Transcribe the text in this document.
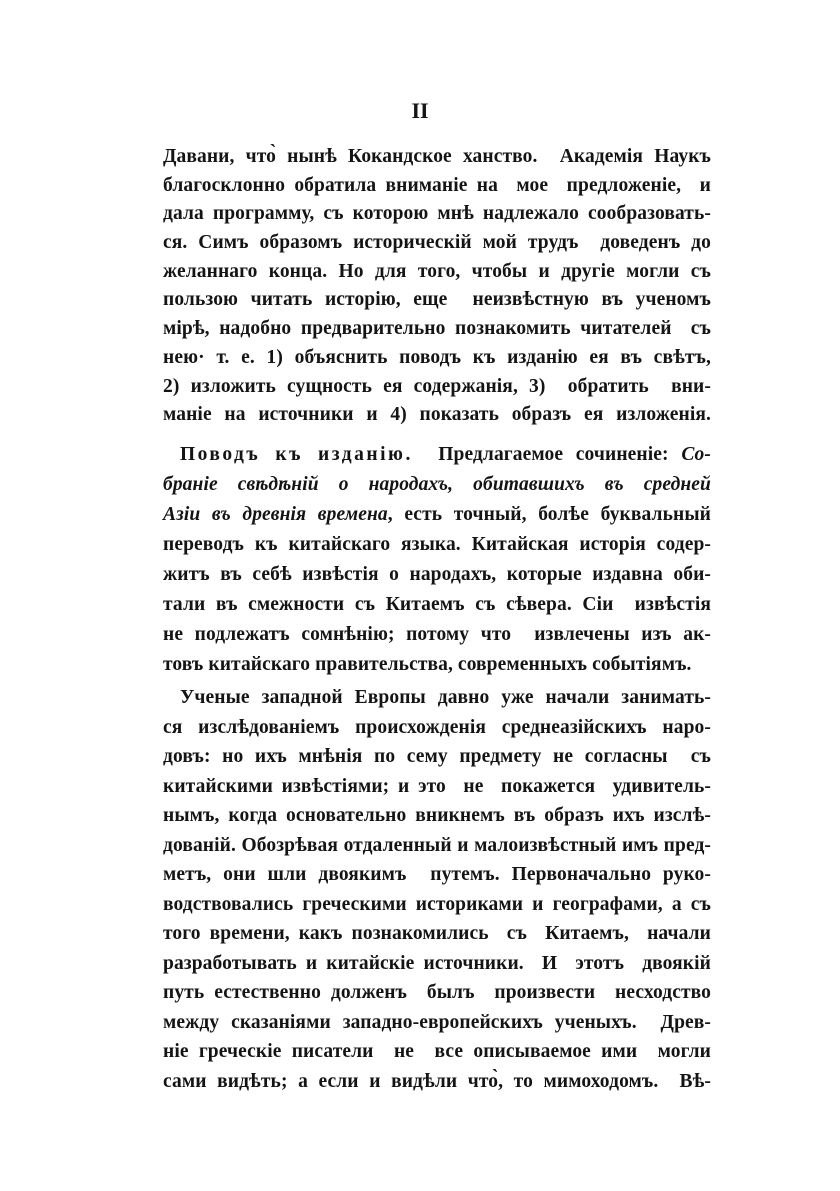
II
Давани, что̀ нынѣ Кокандское ханство.  Академія Наукъ
благосклонно обратила вниманіе на  мое  предложеніе,  и
дала программу, съ которою мнѣ надлежало сообразовать-
ся. Симъ образомъ историческій мой трудъ  доведенъ до
желаннаго конца. Но для того, чтобы и другіе могли съ
пользою читать исторію, еще  неизвѣстную въ ученомъ
мірѣ, надобно предварительно познакомить читателей  съ
нею· т. е. 1) объяснить поводъ къ изданію ея въ свѣтъ,
2) изложить сущность ея содержанія, 3)  обратить  вни-
маніе на источники и 4) показать образъ ея изложенія.
Поводъ къ изданію.  Предлагаемое сочиненіе: Со-
браніе свѣдѣній о народахъ, обитавшихъ въ средней
Азіи въ древнія времена, есть точный, болѣе буквальный
переводъ къ китайскаго языка. Китайская исторія содер-
житъ въ себѣ извѣстія о народахъ, которые издавна оби-
тали въ смежности съ Китаемъ съ сѣвера. Сіи  извѣстія
не подлежатъ сомнѣнію; потому что  извлечены изъ ак-
товъ китайскаго правительства, современныхъ событіямъ.
Ученые западной Европы давно уже начали занимать-
ся изслѣдованіемъ происхожденія среднеазійскихъ наро-
довъ: но ихъ мнѣнія по сему предмету не согласны  съ
китайскими извѣстіями; и это  не  покажется  удивитель-
нымъ, когда основательно вникнемъ въ образъ ихъ изслѣ-
дованій. Обозрѣвая отдаленный и малоизвѣстный имъ пред-
метъ, они шли двоякимъ  путемъ. Первоначально руко-
водствовались греческими историками и географами, а съ
того времени, какъ познакомились  съ  Китаемъ,  начали
разработывать и китайскіе источники.  И  этотъ  двоякій
путь естественно долженъ  былъ  произвести  несходство
между сказаніями западно-европейскихъ ученыхъ.  Древ-
ніе греческіе писатели  не  все описываемое ими  могли
сами видѣть; а если и видѣли что̀, то мимоходомъ.  Вѣ-
